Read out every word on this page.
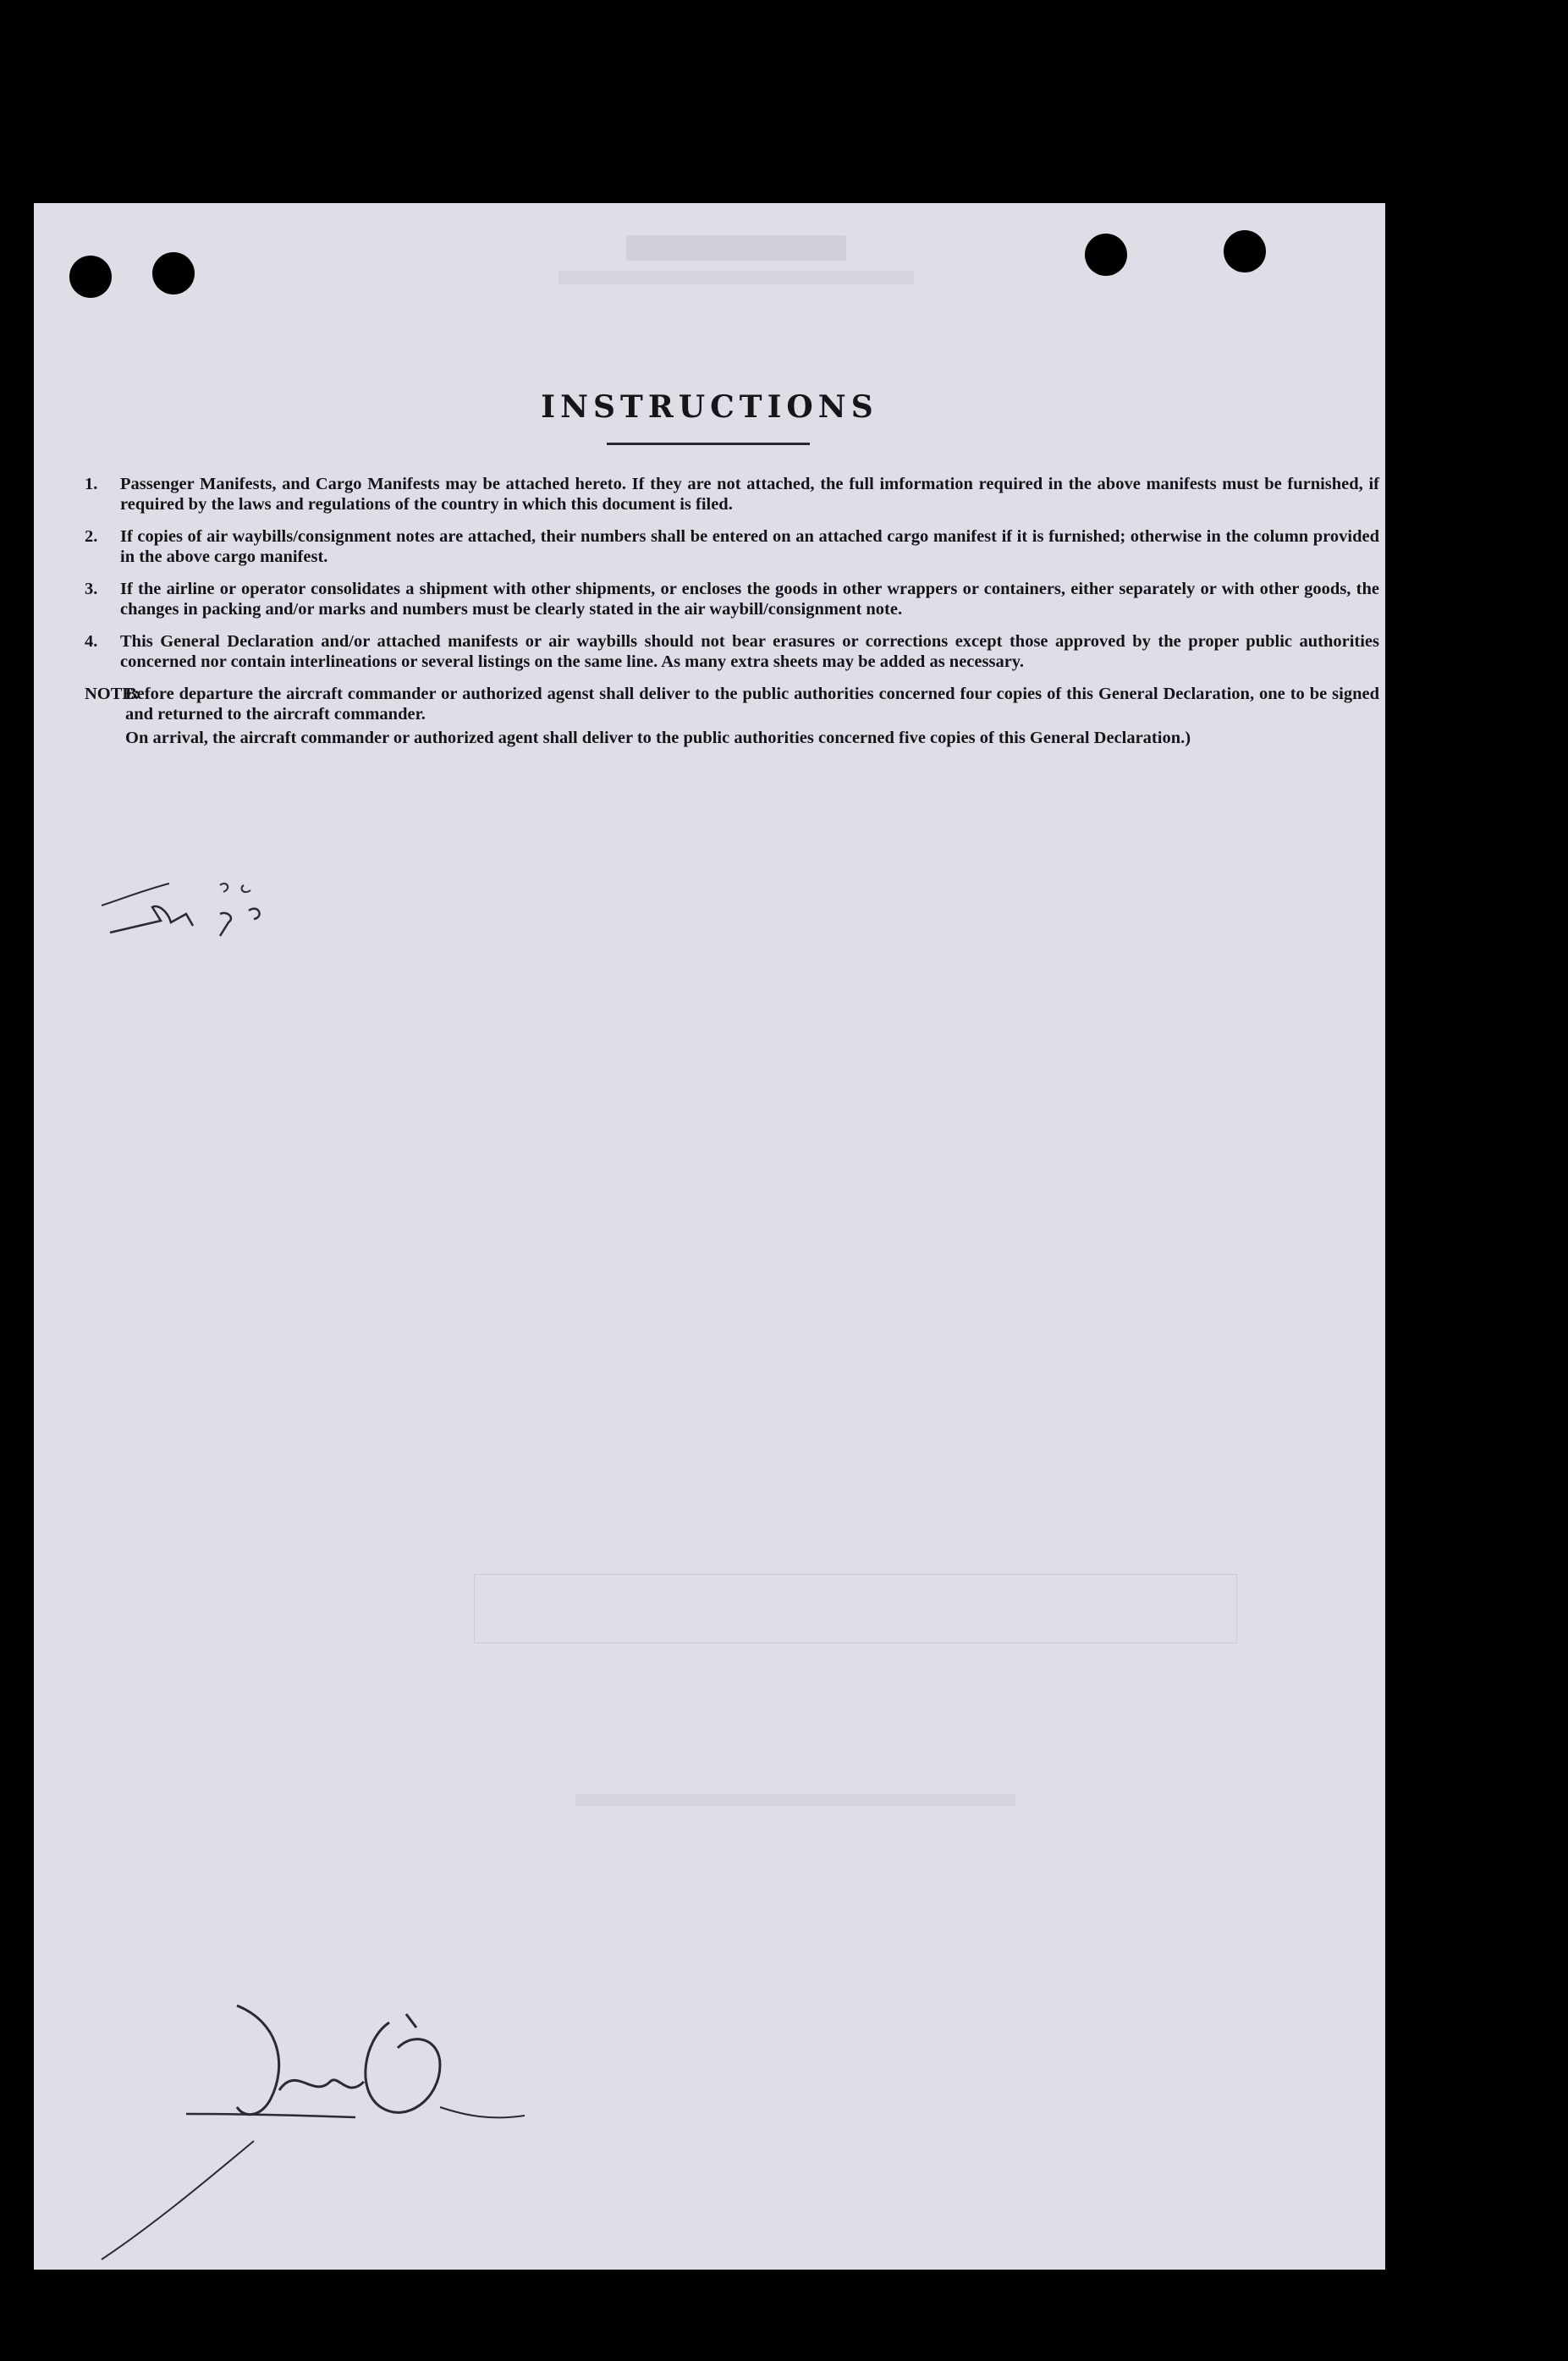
INSTRUCTIONS
1.	Passenger Manifests, and Cargo Manifests may be attached hereto. If they are not attached, the full imformation required in the above manifests must be furnished, if required by the laws and regulations of the country in which this document is filed.
2.	If copies of air waybills/consignment notes are attached, their numbers shall be entered on an attached cargo manifest if it is furnished; otherwise in the column provided in the above cargo manifest.
3.	If the airline or operator consolidates a shipment with other shipments, or encloses the goods in other wrappers or containers, either separately or with other goods, the changes in packing and/or marks and numbers must be clearly stated in the air waybill/consignment note.
4.	This General Declaration and/or attached manifests or air waybills should not bear erasures or corrections except those approved by the proper public authorities concerned nor contain interlineations or several listings on the same line. As many extra sheets may be added as necessary.
NOTE:

Before departure the aircraft commander or authorized agenst shall deliver to the public authorities concerned four copies of this General Declaration, one to be signed and returned to the aircraft commander.

On arrival, the aircraft commander or authorized agent shall deliver to the public authorities concerned five copies of this General Declaration.)
